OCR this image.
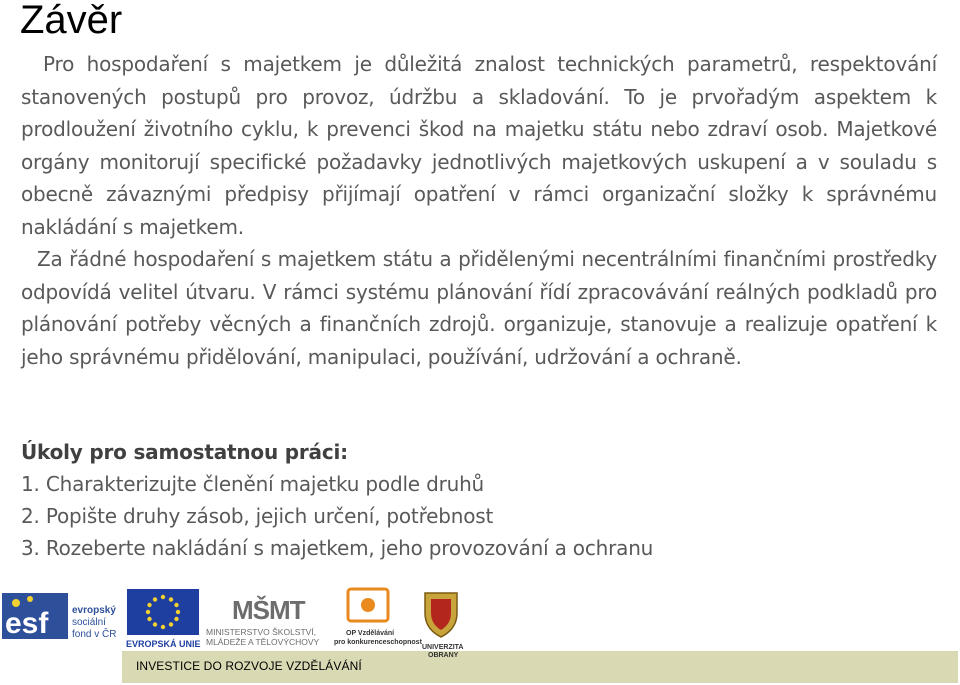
Závěr

Pro hospodaření s majetkem je důležitá znalost technických parametrů, respektování stanovených postupů pro provoz, údržbu a skladování. To je prvořadým aspektem k prodloužení životního cyklu, k prevenci škod na majetku státu nebo zdraví osob. Majetkové orgány monitorují specifické požadavky jednotlivých majetkových uskupení a v souladu s obecně závaznými předpisy přijímají opatření v rámci organizační složky k správnému nakládání s majetkem.

Za řádné hospodaření s majetkem státu a přidělenými necentrálními finančními prostředky odpovídá velitel útvaru. V rámci systému plánování řídí zpracovávání reálných podkladů pro plánování potřeby věcných a finančních zdrojů. organizuje, stanovuje a realizuje opatření k jeho správnému přidělování, manipulaci, používání, udržování a ochraně.

Úkoly pro samostatnou práci:

1. Charakterizujte členění majetku podle druhů
2. Popište druhy zásob, jejich určení, potřebnost
3. Rozeberte nakládání s majetkem, jeho provozování a ochranu
INVESTICE DO ROZVOJE VZDĚLÁVÁNÍ
esf evropský
sociální
fond v ČR
EVROPSKÁ UNIE
MŠMT
MINISTERSTVO ŠKOLSTVÍ,
MLÁDEŽE A TĚLOVÝCHOVY
OP Vzdělávání
pro konkurenceschopnost
UNIVERZITA
OBRANY
